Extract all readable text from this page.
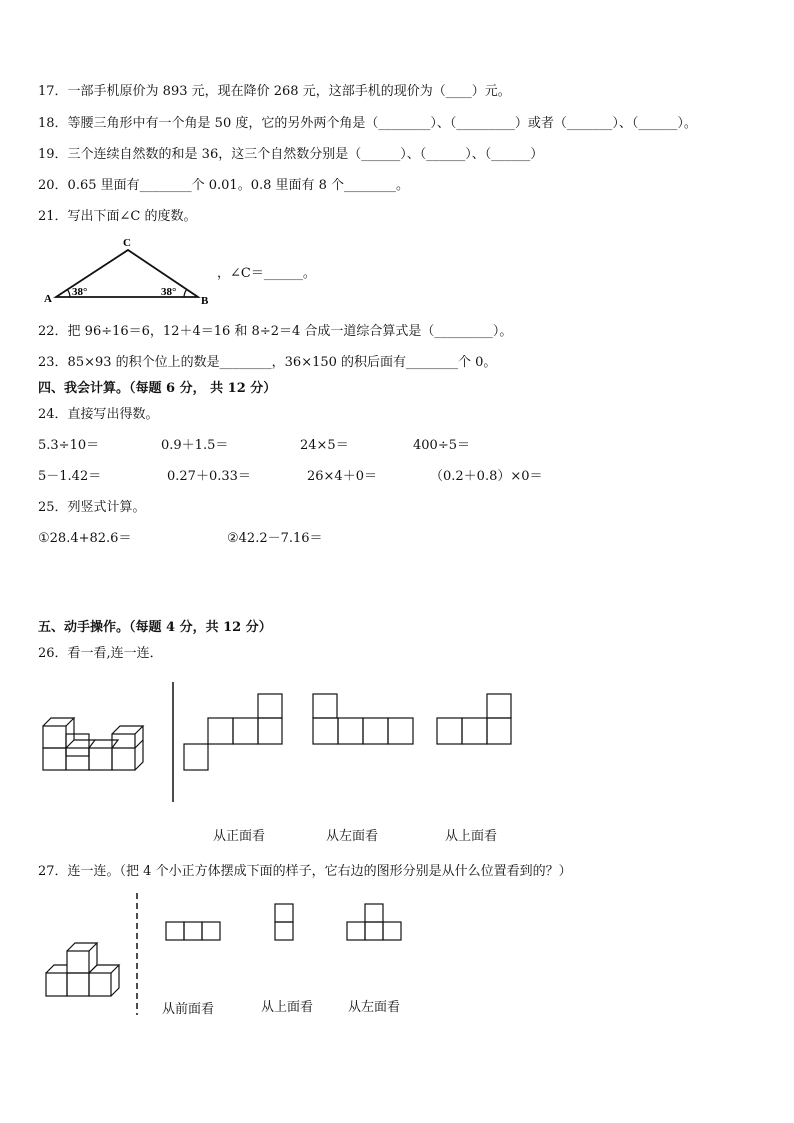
17．一部手机原价为 893 元，现在降价 268 元，这部手机的现价为（____）元。
18．等腰三角形中有一个角是 50 度，它的另外两个角是（________）、（_________）或者（_______）、（______）。
19．三个连续自然数的和是 36，这三个自然数分别是（______）、（______）、（______）
20．0.65 里面有________个 0.01。0.8 里面有 8 个________。
21．写出下面∠C 的度数。
C
A	B
38°	38°
，∠C＝______。
22．把 96÷16＝6，12＋4＝16 和 8÷2＝4 合成一道综合算式是（_________）。
23．85×93 的积个位上的数是________，36×150 的积后面有________个 0。
四、我会计算。（每题 6 分， 共 12 分）
24．直接写出得数。
5.3÷10＝	0.9＋1.5＝	24×5＝	400÷5＝
5－1.42＝	0.27＋0.33＝	26×4＋0＝	（0.2＋0.8）×0＝
25．列竖式计算。
①28.4+82.6＝	②42.2－7.16＝
五、动手操作。（每题 4 分，共 12 分）
26．看一看,连一连．
从正面看	从左面看	从上面看
27．连一连。（把 4 个小正方体摆成下面的样子，它右边的图形分别是从什么位置看到的？）
从前面看	从上面看	从左面看
